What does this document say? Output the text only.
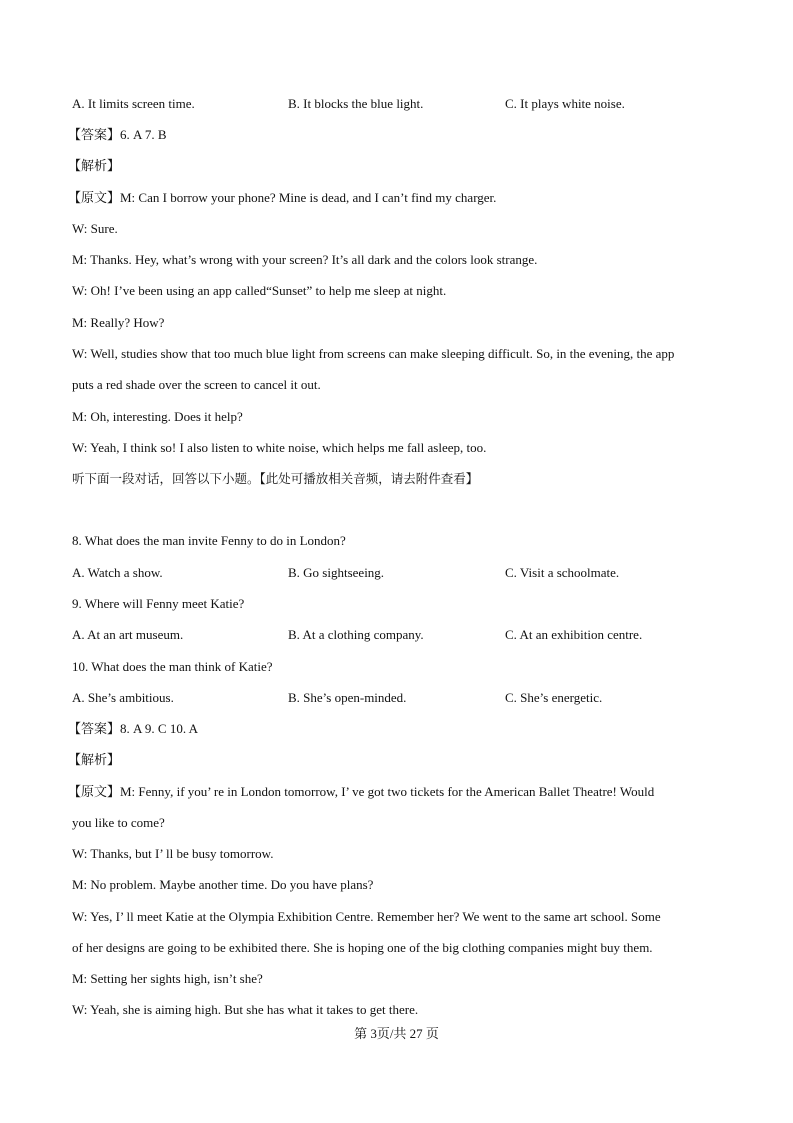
A. It limits screen time.	B. It blocks the blue light.	C. It plays white noise.
【答案】6. A 7. B
【解析】
【原文】M: Can I borrow your phone? Mine is dead, and I can’t find my charger.
W: Sure.
M: Thanks. Hey, what’s wrong with your screen? It’s all dark and the colors look strange.
W: Oh! I’ve been using an app called“Sunset” to help me sleep at night.
M: Really? How?
W: Well, studies show that too much blue light from screens can make sleeping difficult. So, in the evening, the app
puts a red shade over the screen to cancel it out.
M: Oh, interesting. Does it help?
W: Yeah, I think so! I also listen to white noise, which helps me fall asleep, too.
听下面一段对话，回答以下小题。【此处可播放相关音频，请去附件查看】
8. What does the man invite Fenny to do in London?
A. Watch a show.	B. Go sightseeing.	C. Visit a schoolmate.
9. Where will Fenny meet Katie?
A. At an art museum.	B. At a clothing company.	C. At an exhibition centre.
10. What does the man think of Katie?
A. She’s ambitious.	B. She’s open-minded.	C. She’s energetic.
【答案】8. A 9. C 10. A
【解析】
【原文】M: Fenny, if you’ re in London tomorrow, I’ ve got two tickets for the American Ballet Theatre! Would
you like to come?
W: Thanks, but I’ ll be busy tomorrow.
M: No problem. Maybe another time. Do you have plans?
W: Yes, I’ ll meet Katie at the Olympia Exhibition Centre. Remember her? We went to the same art school. Some
of her designs are going to be exhibited there. She is hoping one of the big clothing companies might buy them.
M: Setting her sights high, isn’t she?
W: Yeah, she is aiming high. But she has what it takes to get there.
第 3页/共 27 页
